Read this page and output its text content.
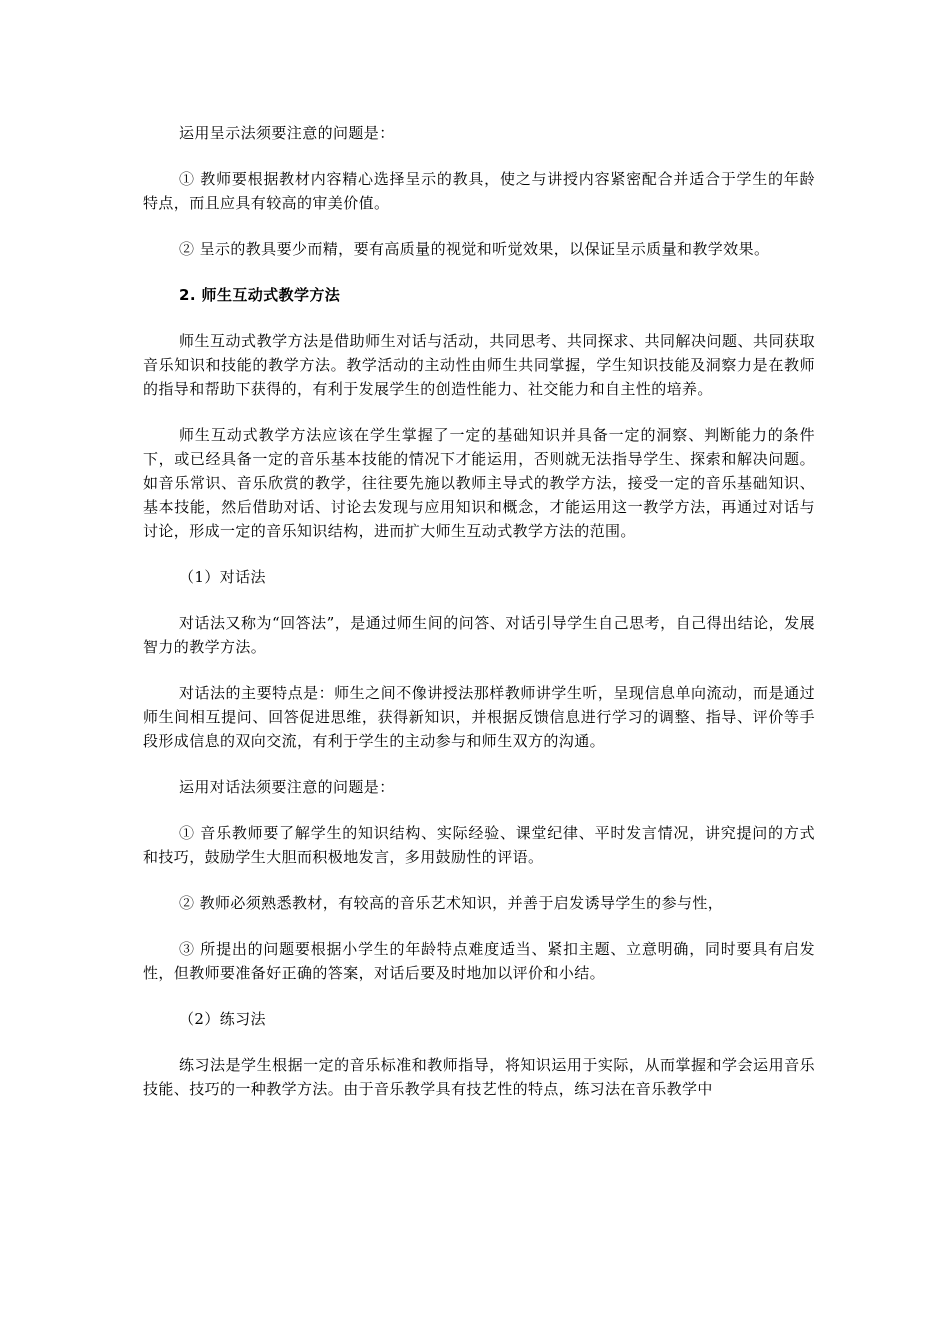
运用呈示法须要注意的问题是：

① 教师要根据教材内容精心选择呈示的教具，使之与讲授内容紧密配合并适合于学生的年龄特点，而且应具有较高的审美价值。

② 呈示的教具要少而精，要有高质量的视觉和听觉效果，以保证呈示质量和教学效果。

2. 师生互动式教学方法

师生互动式教学方法是借助师生对话与活动，共同思考、共同探求、共同解决问题、共同获取音乐知识和技能的教学方法。教学活动的主动性由师生共同掌握，学生知识技能及洞察力是在教师的指导和帮助下获得的，有利于发展学生的创造性能力、社交能力和自主性的培养。

师生互动式教学方法应该在学生掌握了一定的基础知识并具备一定的洞察、判断能力的条件下，或已经具备一定的音乐基本技能的情况下才能运用，否则就无法指导学生、探索和解决问题。如音乐常识、音乐欣赏的教学，往往要先施以教师主导式的教学方法，接受一定的音乐基础知识、基本技能，然后借助对话、讨论去发现与应用知识和概念，才能运用这一教学方法，再通过对话与讨论，形成一定的音乐知识结构，进而扩大师生互动式教学方法的范围。

（1）对话法

对话法又称为“回答法”，是通过师生间的问答、对话引导学生自己思考，自己得出结论，发展智力的教学方法。

对话法的主要特点是：师生之间不像讲授法那样教师讲学生听，呈现信息单向流动，而是通过师生间相互提问、回答促进思维，获得新知识，并根据反馈信息进行学习的调整、指导、评价等手段形成信息的双向交流，有利于学生的主动参与和师生双方的沟通。

运用对话法须要注意的问题是：

① 音乐教师要了解学生的知识结构、实际经验、课堂纪律、平时发言情况，讲究提问的方式和技巧，鼓励学生大胆而积极地发言，多用鼓励性的评语。

② 教师必须熟悉教材，有较高的音乐艺术知识，并善于启发诱导学生的参与性，

③ 所提出的问题要根据小学生的年龄特点难度适当、紧扣主题、立意明确，同时要具有启发性，但教师要准备好正确的答案，对话后要及时地加以评价和小结。

（2）练习法

练习法是学生根据一定的音乐标准和教师指导，将知识运用于实际，从而掌握和学会运用音乐技能、技巧的一种教学方法。由于音乐教学具有技艺性的特点，练习法在音乐教学中
